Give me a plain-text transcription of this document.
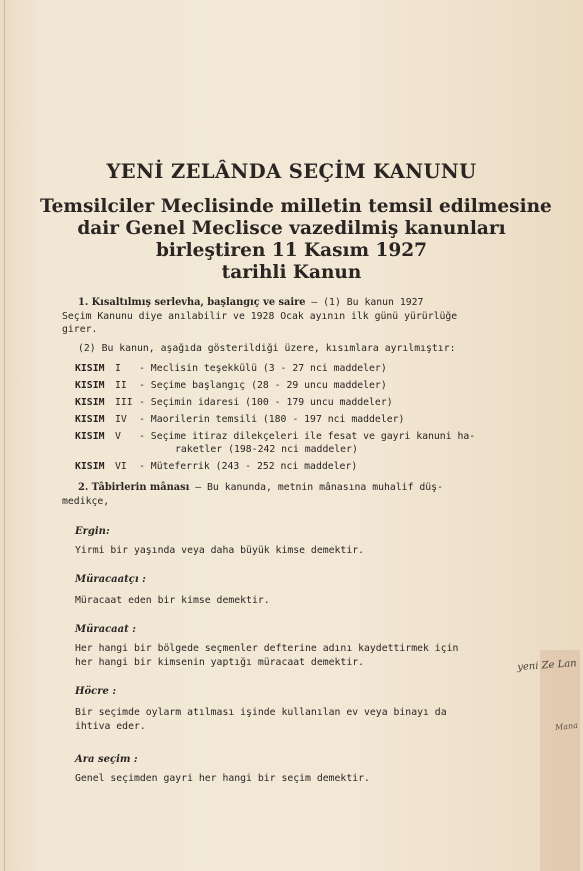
YENİ ZELÂNDA SEÇİM KANUNU
Temsilciler Meclisinde milletin temsil edilmesine
dair Genel Meclisce vazedilmiş kanunları
birleştiren 11 Kasım 1927
tarihli Kanun
1. Kısaltılmış serlevha, başlangıç ve saire — (1) Bu kanun 1927
Seçim Kanunu diye anılabilir ve 1928 Ocak ayının ilk günü yürürlüğe
girer.
(2) Bu kanun, aşağıda gösterildiği üzere, kısımlara ayrılmıştır:
KISIM I - Meclisin teşekkülü (3 - 27 nci maddeler)
KISIM II - Seçime başlangıç (28 - 29 uncu maddeler)
KISIM III - Seçimin idaresi (100 - 179 uncu maddeler)
KISIM IV - Maorilerin temsili (180 - 197 nci maddeler)
KISIM V - Seçime itiraz dilekçeleri ile fesat ve gayri kanuni ha-
raketler (198-242 nci maddeler)
KISIM VI - Müteferrik (243 - 252 nci maddeler)
2. Tâbirlerin mânası — Bu kanunda, metnin mânasına muhalif düş-
medikçe,
Ergin:
Yirmi bir yaşında veya daha büyük kimse demektir.
Müracaatçı :
Müracaat eden bir kimse demektir.
Müracaat :
Her hangi bir bölgede seçmenler defterine adını kaydettirmek için her hangi bir kimsenin yaptığı müracaat demektir.
Höcre :
Bir seçimde oylarm atılması işinde kullanılan ev veya binayı da ihtiva eder.
Ara seçim :
Genel seçimden gayri her hangi bir seçim demektir.
yeni Ze Lan
Mana
